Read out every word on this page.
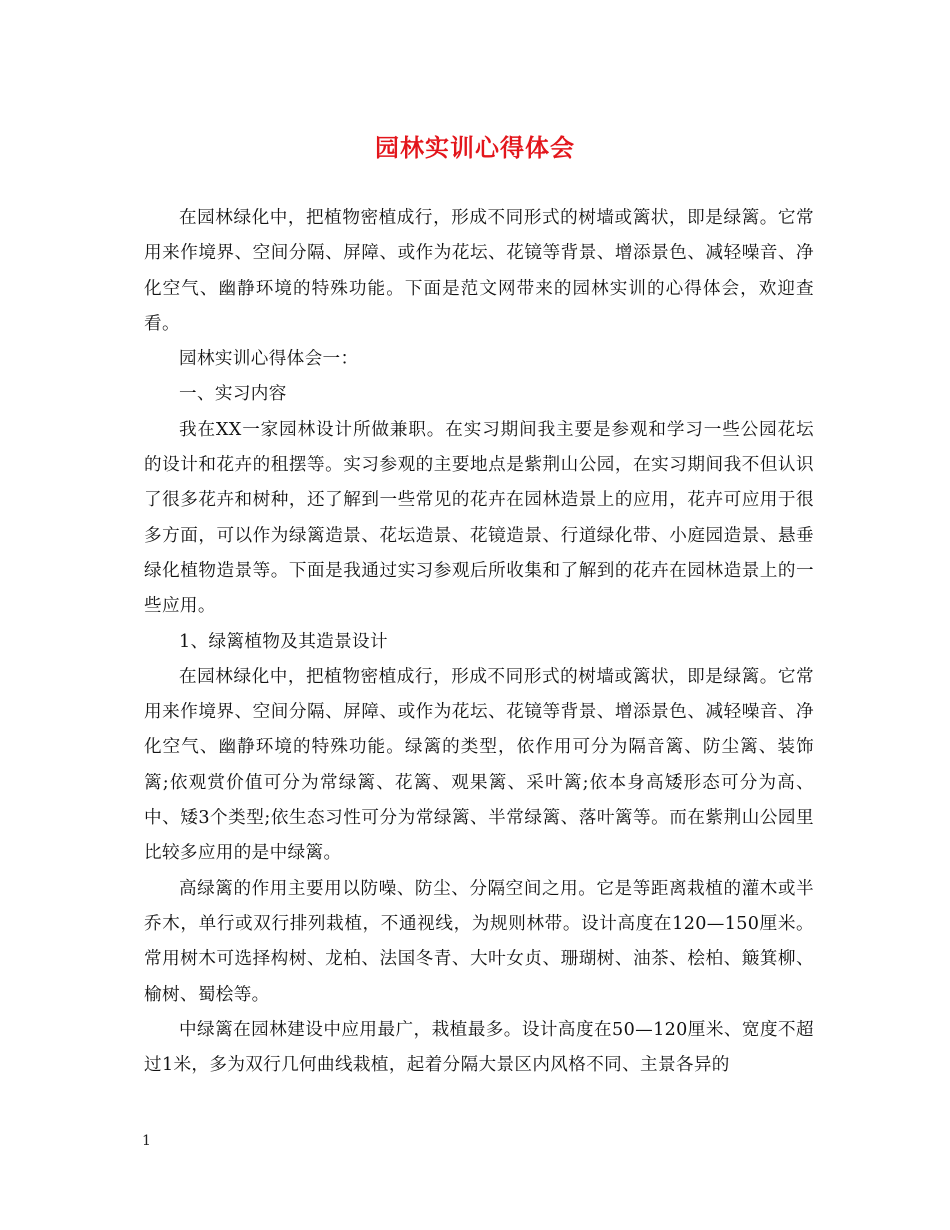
园林实训心得体会

在园林绿化中，把植物密植成行，形成不同形式的树墙或篱状，即是绿篱。它常用来作境界、空间分隔、屏障、或作为花坛、花镜等背景、增添景色、减轻噪音、净化空气、幽静环境的特殊功能。下面是范文网带来的园林实训的心得体会，欢迎查看。

园林实训心得体会一：

一、实习内容

我在XX一家园林设计所做兼职。在实习期间我主要是参观和学习一些公园花坛的设计和花卉的租摆等。实习参观的主要地点是紫荆山公园，在实习期间我不但认识了很多花卉和树种，还了解到一些常见的花卉在园林造景上的应用，花卉可应用于很多方面，可以作为绿篱造景、花坛造景、花镜造景、行道绿化带、小庭园造景、悬垂绿化植物造景等。下面是我通过实习参观后所收集和了解到的花卉在园林造景上的一些应用。

1、绿篱植物及其造景设计

在园林绿化中，把植物密植成行，形成不同形式的树墙或篱状，即是绿篱。它常用来作境界、空间分隔、屏障、或作为花坛、花镜等背景、增添景色、减轻噪音、净化空气、幽静环境的特殊功能。绿篱的类型，依作用可分为隔音篱、防尘篱、装饰篱;依观赏价值可分为常绿篱、花篱、观果篱、采叶篱;依本身高矮形态可分为高、中、矮3个类型;依生态习性可分为常绿篱、半常绿篱、落叶篱等。而在紫荆山公园里比较多应用的是中绿篱。

高绿篱的作用主要用以防噪、防尘、分隔空间之用。它是等距离栽植的灌木或半乔木，单行或双行排列栽植，不通视线，为规则林带。设计高度在120—150厘米。常用树木可选择构树、龙柏、法国冬青、大叶女贞、珊瑚树、油茶、桧柏、簸箕柳、榆树、蜀桧等。

中绿篱在园林建设中应用最广，栽植最多。设计高度在50—120厘米、宽度不超过1米，多为双行几何曲线栽植，起着分隔大景区内风格不同、主景各异的

1
